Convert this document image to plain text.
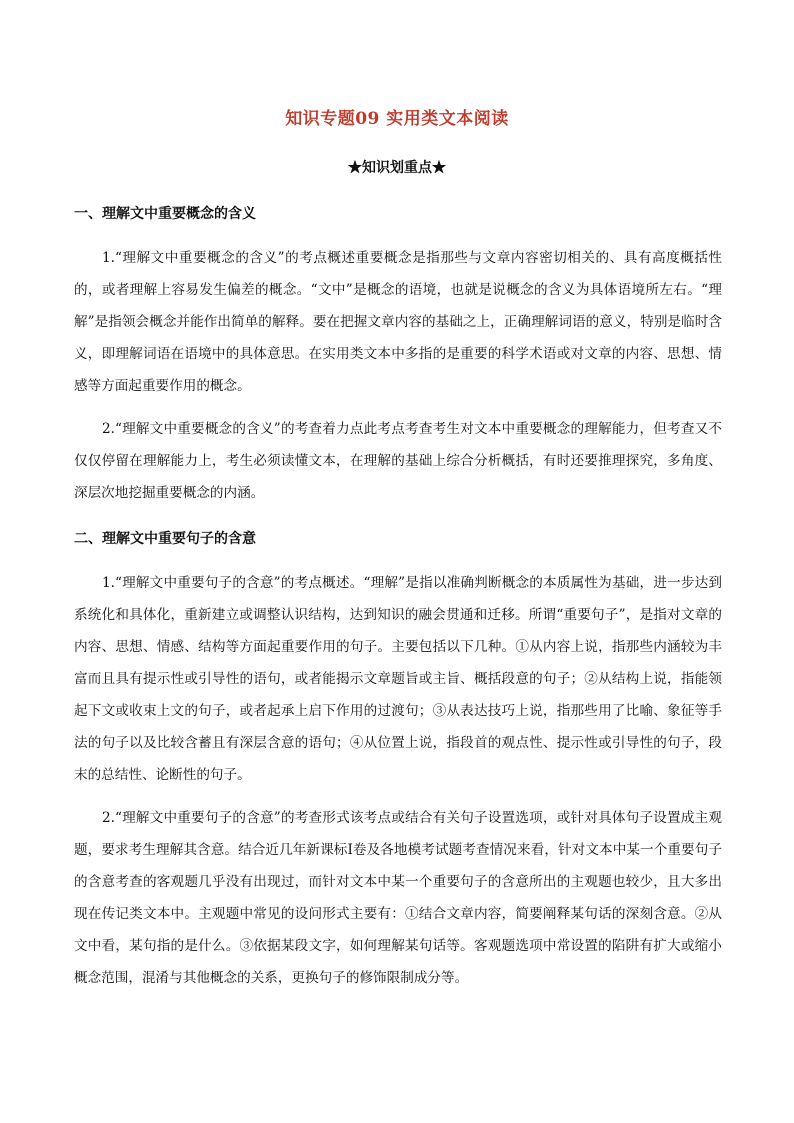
知识专题09 实用类文本阅读
★知识划重点★
一、理解文中重要概念的含义

1.“理解文中重要概念的含义”的考点概述重要概念是指那些与文章内容密切相关的、具有高度概括性的，或者理解上容易发生偏差的概念。“文中”是概念的语境，也就是说概念的含义为具体语境所左右。“理解”是指领会概念并能作出简单的解释。要在把握文章内容的基础之上，正确理解词语的意义，特别是临时含义，即理解词语在语境中的具体意思。在实用类文本中多指的是重要的科学术语或对文章的内容、思想、情感等方面起重要作用的概念。

2.“理解文中重要概念的含义”的考查着力点此考点考查考生对文本中重要概念的理解能力，但考查又不仅仅停留在理解能力上，考生必须读懂文本，在理解的基础上综合分析概括，有时还要推理探究，多角度、深层次地挖掘重要概念的内涵。

二、理解文中重要句子的含意

1.“理解文中重要句子的含意”的考点概述。“理解”是指以准确判断概念的本质属性为基础，进一步达到系统化和具体化，重新建立或调整认识结构，达到知识的融会贯通和迁移。所谓“重要句子”，是指对文章的内容、思想、情感、结构等方面起重要作用的句子。主要包括以下几种。①从内容上说，指那些内涵较为丰富而且具有提示性或引导性的语句，或者能揭示文章题旨或主旨、概括段意的句子；②从结构上说，指能领起下文或收束上文的句子，或者起承上启下作用的过渡句；③从表达技巧上说，指那些用了比喻、象征等手法的句子以及比较含蓄且有深层含意的语句；④从位置上说，指段首的观点性、提示性或引导性的句子，段末的总结性、论断性的句子。

2.“理解文中重要句子的含意”的考查形式该考点或结合有关句子设置选项，或针对具体句子设置成主观题，要求考生理解其含意。结合近几年新课标Ⅰ卷及各地模考试题考查情况来看，针对文本中某一个重要句子的含意考查的客观题几乎没有出现过，而针对文本中某一个重要句子的含意所出的主观题也较少，且大多出现在传记类文本中。主观题中常见的设问形式主要有：①结合文章内容，简要阐释某句话的深刻含意。②从文中看，某句指的是什么。③依据某段文字，如何理解某句话等。客观题选项中常设置的陷阱有扩大或缩小概念范围，混淆与其他概念的关系，更换句子的修饰限制成分等。
